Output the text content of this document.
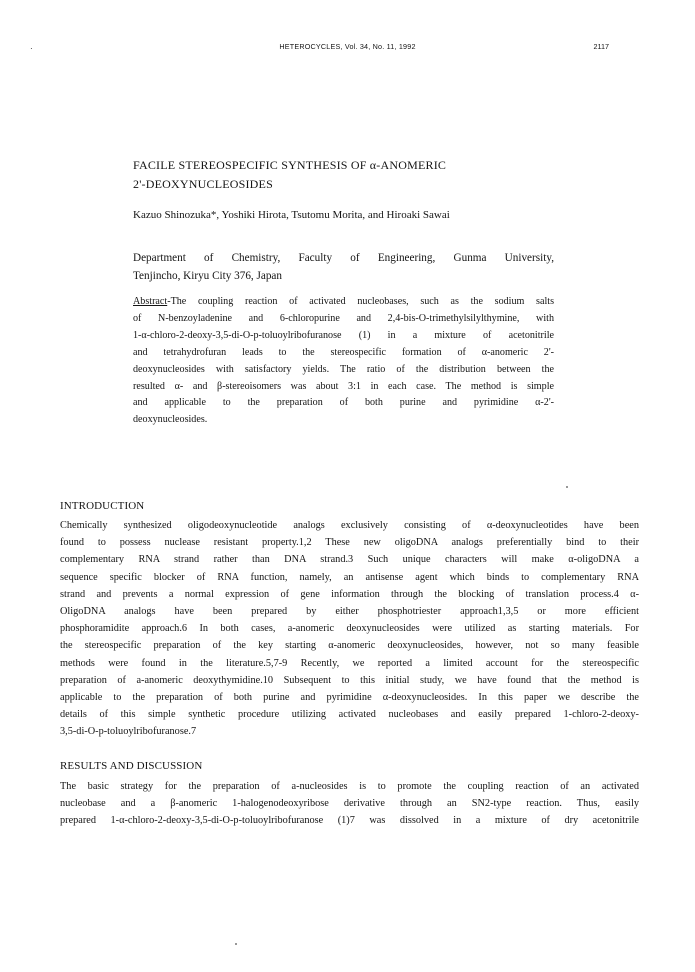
·	HETEROCYCLES, Vol. 34, No. 11, 1992	2117
FACILE STEREOSPECIFIC SYNTHESIS OF α-ANOMERIC
2'-DEOXYNUCLEOSIDES
Kazuo Shinozuka*, Yoshiki Hirota, Tsutomu Morita, and Hiroaki Sawai
Department of Chemistry, Faculty of Engineering, Gunma University,
Tenjincho, Kiryu City 376, Japan
Abstract-The coupling reaction of activated nucleobases, such as the sodium salts
of N-benzoyladenine and 6-chloropurine and 2,4-bis-O-trimethylsilylthymine, with
1-α-chloro-2-deoxy-3,5-di-O-p-toluoylribofuranose (1) in a mixture of acetonitrile
and tetrahydrofuran leads to the stereospecific formation of α-anomeric 2'-
deoxynucleosides with satisfactory yields. The ratio of the distribution between the
resulted α- and β-stereoisomers was about 3:1 in each case. The method is simple
and applicable to the preparation of both purine and pyrimidine α-2'-
deoxynucleosides.
INTRODUCTION
Chemically synthesized oligodeoxynucleotide analogs exclusively consisting of α-deoxynucleotides have been
found to possess nuclease resistant property.1,2 These new oligoDNA analogs preferentially bind to their
complementary RNA strand rather than DNA strand.3 Such unique characters will make α-oligoDNA a
sequence specific blocker of RNA function, namely, an antisense agent which binds to complementary RNA
strand and prevents a normal expression of gene information through the blocking of translation process.4 α-
OligoDNA analogs have been prepared by either phosphotriester approach1,3,5 or more efficient
phosphoramidite approach.6 In both cases, a-anomeric deoxynucleosides were utilized as starting materials. For
the stereospecific preparation of the key starting α-anomeric deoxynucleosides, however, not so many feasible
methods were found in the literature.5,7-9 Recently, we reported a limited account for the stereospecific
preparation of a-anomeric deoxythymidine.10 Subsequent to this initial study, we have found that the method is
applicable to the preparation of both purine and pyrimidine α-deoxynucleosides. In this paper we describe the
details of this simple synthetic procedure utilizing activated nucleobases and easily prepared 1-chloro-2-deoxy-
3,5-di-O-p-toluoylribofuranose.7
RESULTS AND DISCUSSION
The basic strategy for the preparation of a-nucleosides is to promote the coupling reaction of an activated
nucleobase and a β-anomeric 1-halogenodeoxyribose derivative through an SN2-type reaction. Thus, easily
prepared 1-α-chloro-2-deoxy-3,5-di-O-p-toluoylribofuranose (1)7 was dissolved in a mixture of dry acetonitrile
